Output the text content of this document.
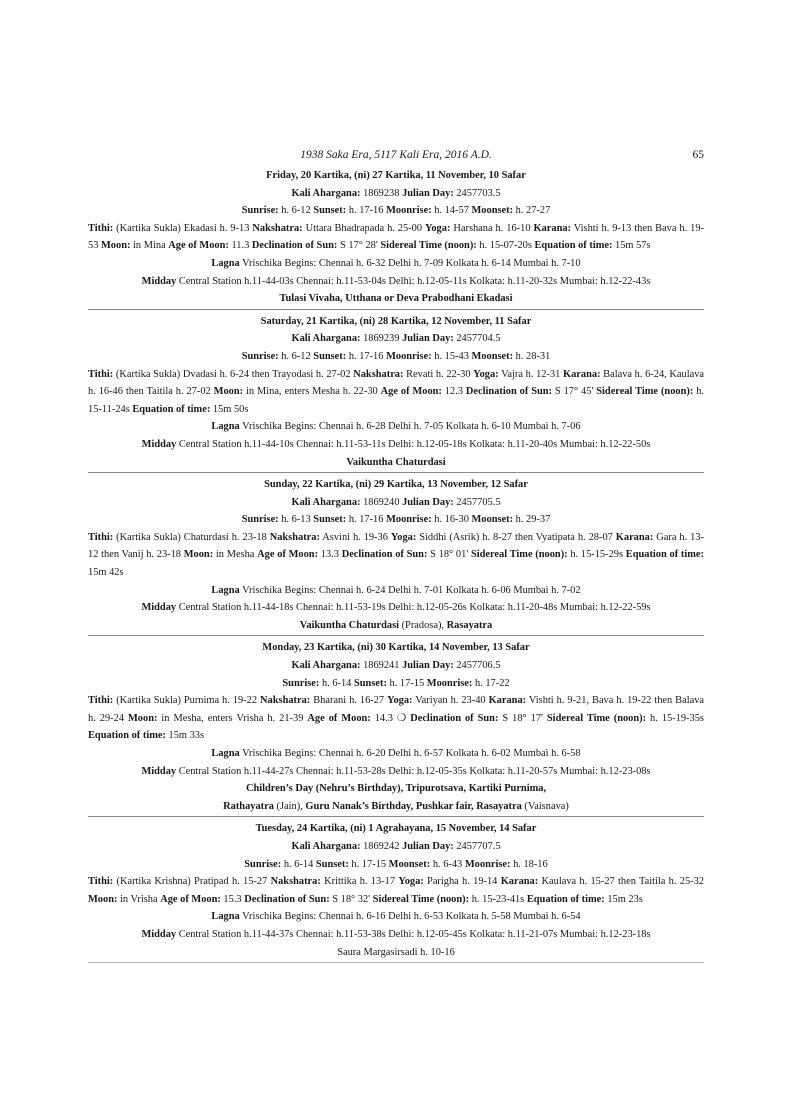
1938 Saka Era, 5117 Kali Era, 2016 A.D.	65
Friday, 20 Kartika, (ni) 27 Kartika, 11 November, 10 Safar
Kali Ahargana: 1869238 Julian Day: 2457703.5
Sunrise: h. 6-12 Sunset: h. 17-16 Moonrise: h. 14-57 Moonset: h. 27-27
Tithi: (Kartika Sukla) Ekadasi h. 9-13 Nakshatra: Uttara Bhadrapada h. 25-00 Yoga: Harshana h. 16-10 Karana: Vishti h. 9-13 then Bava h. 19-53 Moon: in Mina Age of Moon: 11.3 Declination of Sun: S 17° 28' Sidereal Time (noon): h. 15-07-20s Equation of time: 15m 57s
Lagna Vrischika Begins: Chennai h. 6-32 Delhi h. 7-09 Kolkata h. 6-14 Mumbai h. 7-10
Midday Central Station h.11-44-03s Chennai: h.11-53-04s Delhi: h.12-05-11s Kolkata: h.11-20-32s Mumbai: h.12-22-43s
Tulasi Vivaha, Utthana or Deva Prabodhani Ekadasi
Saturday, 21 Kartika, (ni) 28 Kartika, 12 November, 11 Safar
Kali Ahargana: 1869239 Julian Day: 2457704.5
Sunrise: h. 6-12 Sunset: h. 17-16 Moonrise: h. 15-43 Moonset: h. 28-31
Tithi: (Kartika Sukla) Dvadasi h. 6-24 then Trayodasi h. 27-02 Nakshatra: Revati h. 22-30 Yoga: Vajra h. 12-31 Karana: Balava h. 6-24, Kaulava h. 16-46 then Taitila h. 27-02 Moon: in Mina, enters Mesha h. 22-30 Age of Moon: 12.3 Declination of Sun: S 17° 45' Sidereal Time (noon): h. 15-11-24s Equation of time: 15m 50s
Lagna Vrischika Begins: Chennai h. 6-28 Delhi h. 7-05 Kolkata h. 6-10 Mumbai h. 7-06
Midday Central Station h.11-44-10s Chennai: h.11-53-11s Delhi: h.12-05-18s Kolkata: h.11-20-40s Mumbai: h.12-22-50s
Vaikuntha Chaturdasi
Sunday, 22 Kartika, (ni) 29 Kartika, 13 November, 12 Safar
Kali Ahargana: 1869240 Julian Day: 2457705.5
Sunrise: h. 6-13 Sunset: h. 17-16 Moonrise: h. 16-30 Moonset: h. 29-37
Tithi: (Kartika Sukla) Chaturdasi h. 23-18 Nakshatra: Asvini h. 19-36 Yoga: Siddhi (Asrik) h. 8-27 then Vyatipata h. 28-07 Karana: Gara h. 13-12 then Vanij h. 23-18 Moon: in Mesha Age of Moon: 13.3 Declination of Sun: S 18° 01' Sidereal Time (noon): h. 15-15-29s Equation of time: 15m 42s
Lagna Vrischika Begins: Chennai h. 6-24 Delhi h. 7-01 Kolkata h. 6-06 Mumbai h. 7-02
Midday Central Station h.11-44-18s Chennai: h.11-53-19s Delhi: h.12-05-26s Kolkata: h.11-20-48s Mumbai: h.12-22-59s
Vaikuntha Chaturdasi (Pradosa), Rasayatra
Monday, 23 Kartika, (ni) 30 Kartika, 14 November, 13 Safar
Kali Ahargana: 1869241 Julian Day: 2457706.5
Sunrise: h. 6-14 Sunset: h. 17-15 Moonrise: h. 17-22
Tithi: (Kartika Sukla) Purnima h. 19-22 Nakshatra: Bharani h. 16-27 Yoga: Variyan h. 23-40 Karana: Vishti h. 9-21, Bava h. 19-22 then Balava h. 29-24 Moon: in Mesha, enters Vrisha h. 21-39 Age of Moon: 14.3 ❍ Declination of Sun: S 18° 17' Sidereal Time (noon): h. 15-19-35s Equation of time: 15m 33s
Lagna Vrischika Begins: Chennai h. 6-20 Delhi h. 6-57 Kolkata h. 6-02 Mumbai h. 6-58
Midday Central Station h.11-44-27s Chennai: h.11-53-28s Delhi: h.12-05-35s Kolkata: h.11-20-57s Mumbai: h.12-23-08s
Children’s Day (Nehru’s Birthday), Tripurotsava, Kartiki Purnima,
Rathayatra (Jain), Guru Nanak’s Birthday, Pushkar fair, Rasayatra (Vaisnava)
Tuesday, 24 Kartika, (ni) 1 Agrahayana, 15 November, 14 Safar
Kali Ahargana: 1869242 Julian Day: 2457707.5
Sunrise: h. 6-14 Sunset: h. 17-15 Moonset: h. 6-43 Moonrise: h. 18-16
Tithi: (Kartika Krishna) Pratipad h. 15-27 Nakshatra: Krittika h. 13-17 Yoga: Parigha h. 19-14 Karana: Kaulava h. 15-27 then Taitila h. 25-32 Moon: in Vrisha Age of Moon: 15.3 Declination of Sun: S 18° 32' Sidereal Time (noon): h. 15-23-41s Equation of time: 15m 23s
Lagna Vrischika Begins: Chennai h. 6-16 Delhi h. 6-53 Kolkata h. 5-58 Mumbai h. 6-54
Midday Central Station h.11-44-37s Chennai: h.11-53-38s Delhi: h.12-05-45s Kolkata: h.11-21-07s Mumbai: h.12-23-18s
Saura Margasirsadi h. 10-16
